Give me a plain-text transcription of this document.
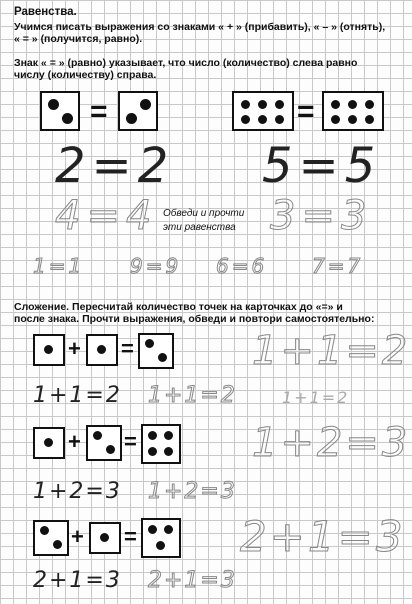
Равенства.
Учимся писать выражения со знаками « + » (прибавить), « – » (отнять),
« = » (получится, равно).
Знак « = » (равно) указывает, что число (количество) слева равно
числу (количеству) справа.
=	=
2=2 5=5
4=4 Обведи и прочти
эти равенства 3=3
1=1 9=9 6=6 7=7
Сложение. Пересчитай количество точек на карточках до «=» и
после знака. Прочти выражения, обведи и повтори самостоятельно:
+ =	1+1=2
1+1=2 1+1=2	1+1=2
+ =	1+2=3
1+2=3 1+2=3
+ = 2+1=3
2+1=3 2+1=3
